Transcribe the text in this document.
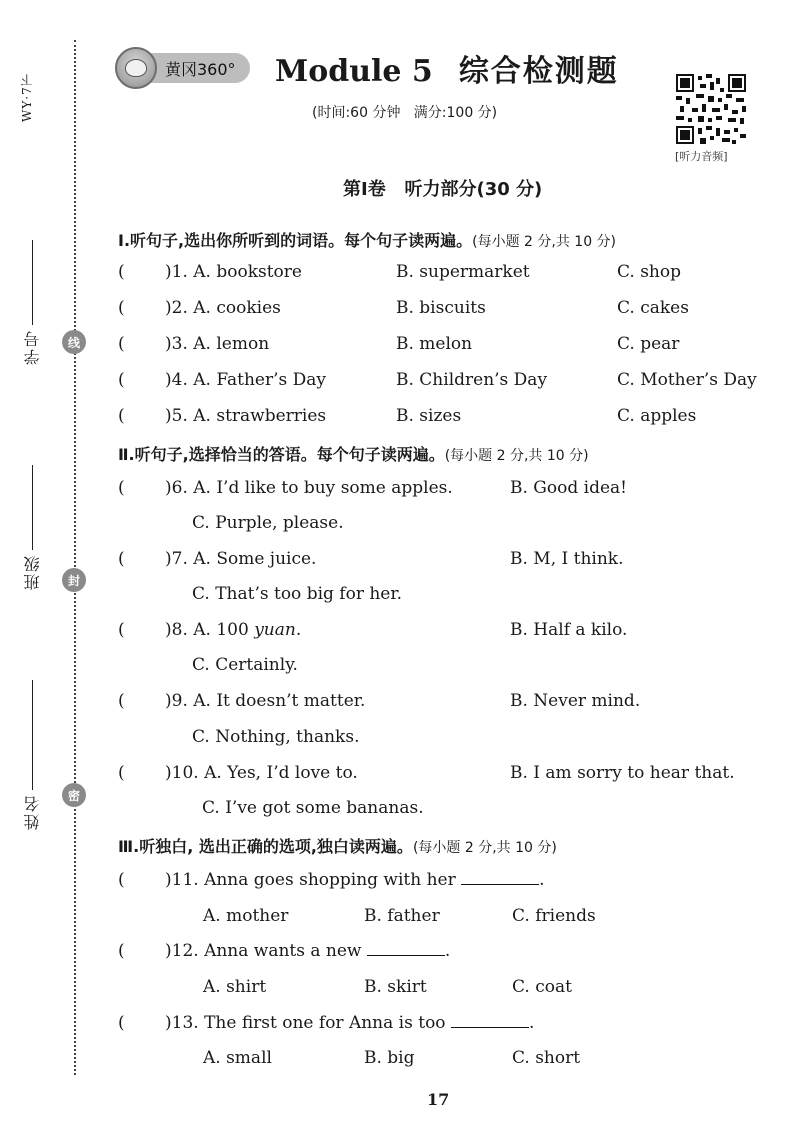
WY·7下
线
封
密
学号
班级
姓名
黄冈360°	Module 5 综合检测题
(时间:60 分钟   满分:100 分)
[听力音频]
第Ⅰ卷   听力部分(30 分)
Ⅰ.听句子,选出你所听到的词语。每个句子读两遍。(每小题 2 分,共 10 分)
( )1. A. bookstore	B. supermarket	C. shop
( )2. A. cookies	B. biscuits	C. cakes
( )3. A. lemon	B. melon	C. pear
( )4. A. Father’s Day	B. Children’s Day	C. Mother’s Day
( )5. A. strawberries	B. sizes	C. apples
Ⅱ.听句子,选择恰当的答语。每个句子读两遍。(每小题 2 分,共 10 分)
( )6. A. I’d like to buy some apples.	B. Good idea!
C. Purple, please.
( )7. A. Some juice.	B. M, I think.
C. That’s too big for her.
( )8. A. 100 yuan.	B. Half a kilo.
C. Certainly.
( )9. A. It doesn’t matter.	B. Never mind.
C. Nothing, thanks.
( )10. A. Yes, I’d love to.	B. I am sorry to hear that.
C. I’ve got some bananas.
Ⅲ.听独白, 选出正确的选项,独白读两遍。(每小题 2 分,共 10 分)
( )11. Anna goes shopping with her	.
A. mother	B. father	C. friends
( )12. Anna wants a new	.
A. shirt	B. skirt	C. coat
( )13. The first one for Anna is too	.
A. small	B. big	C. short
17
